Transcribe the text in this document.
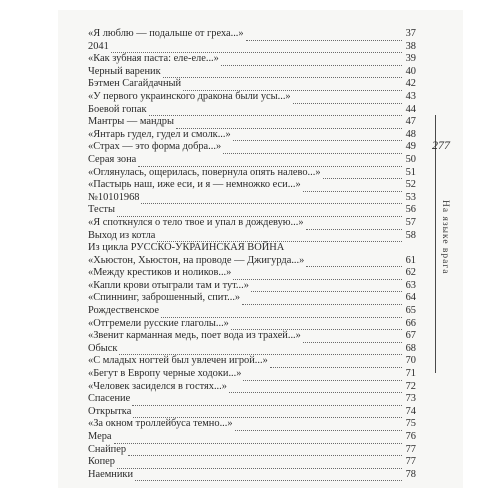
«Я люблю — подальше от греха...»	37
2041	38
«Как зубная паста: еле-еле...»	39
Черный вареник	40
Бэтмен Сагайдачный	42
«У первого украинского дракона были усы...»	43
Боевой гопак	44
Мантры — мандры	47
«Янтарь гудел, гудел и смолк...»	48
«Страх — это форма добра...»	49
Серая зона	50
«Оглянулась, ощерилась, повернула опять налево...»	51
«Пастырь наш, иже еси, и я — немножко еси...»	52
№10101968	53
Тесты	56
«Я споткнулся о тело твое и упал в дождевую...»	57
Выход из котла	58
Из цикла РУССКО-УКРАИНСКАЯ ВОЙНА
«Хьюстон, Хьюстон, на проводе — Джигурда...»	61
«Между крестиков и ноликов...»	62
«Капли крови отыграли там и тут...»	63
«Спиннинг, заброшенный, спит...»	64
Рождественское	65
«Отгремели русские глаголы...»	66
«Звенит карманная медь, поет вода из трахей...»	67
Обыск	68
«С младых ногтей был увлечен игрой...»	70
«Бегут в Европу черные ходоки...»	71
«Человек засиделся в гостях...»	72
Спасение	73
Открытка	74
«За окном троллейбуса темно...»	75
Мера	76
Снайпер	77
Копер	77
Наемники	78
277
На языке врага
